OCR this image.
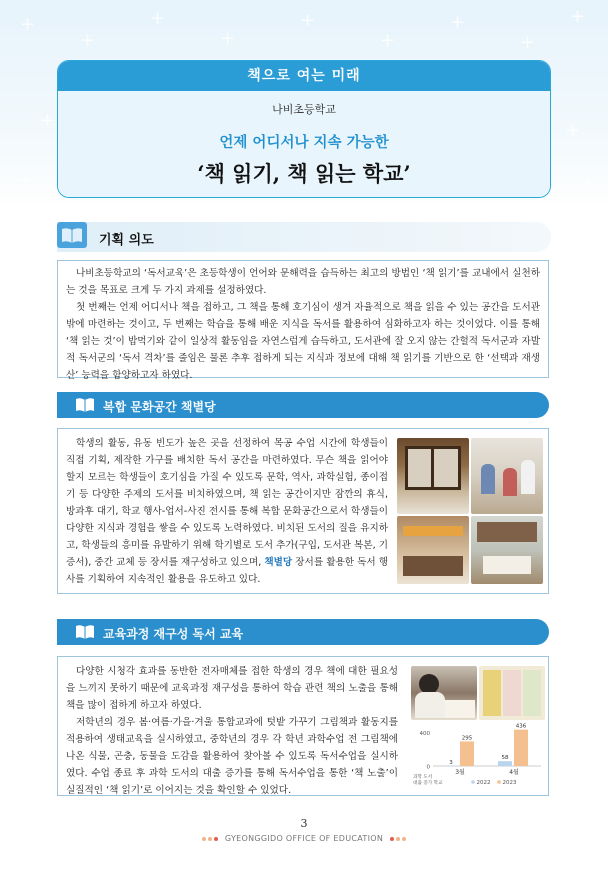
+
+
+
+
+
+
+
+
+
+	+
+	+
책으로 여는 미래
나비초등학교
언제 어디서나 지속 가능한
‘책 읽기, 책 읽는 학교’
기획 의도

나비초등학교의 ‘독서교육’은 초등학생이 언어와 문해력을 습득하는 최고의 방법인 ‘책 읽기’를 교내에서 실천하는 것을 목표로 크게 두 가지 과제를 설정하였다.

첫 번째는 언제 어디서나 책을 접하고, 그 책을 통해 호기심이 생겨 자율적으로 책을 읽을 수 있는 공간을 도서관 밖에 마련하는 것이고, 두 번째는 학습을 통해 배운 지식을 독서를 활용하여 심화하고자 하는 것이었다. 이를 통해 ‘책 읽는 것’이 밥먹기와 같이 일상적 활동임을 자연스럽게 습득하고, 도서관에 잘 오지 않는 간헐적 독서군과 자발적 독서군의 ‘독서 격차’를 줄임은 물론 추후 접하게 되는 지식과 정보에 대해 책 읽기를 기반으로 한 ‘선택과 재생산’ 능력을 함양하고자 하였다.

복합 문화공간 책별당

학생의 활동, 유동 빈도가 높은 곳을 선정하여 목공 수업 시간에 학생들이 직접 기획, 제작한 가구를 배치한 독서 공간을 마련하였다. 무슨 책을 읽어야 할지 모르는 학생들이 호기심을 가질 수 있도록 문학, 역사, 과학실험, 종이접기 등 다양한 주제의 도서를 비치하였으며, 책 읽는 공간이지만 잠깐의 휴식, 방과후 대기, 학교 행사-업서-사진 전시를 통해 복합 문화공간으로서 학생들이 다양한 지식과 경험을 쌓을 수 있도록 노력하였다. 비치된 도서의 질을 유지하고, 학생들의 흥미를 유발하기 위해 학기별로 도서 추가(구입, 도서관 복본, 기증서), 중간 교체 등 장서를 재구성하고 있으며, 책별당 장서를 활용한 독서 행사를 기획하여 지속적인 활용을 유도하고 있다.

교육과정 재구성 독서 교육

다양한 시청각 효과를 동반한 전자매체를 접한 학생의 경우 책에 대한 필요성을 느끼지 못하기 때문에 교육과정 재구성을 통하여 학습 관련 책의 노출을 통해 책을 많이 접하게 하고자 하였다.

저학년의 경우 봄·여름·가을·겨울 통합교과에 텃밭 가꾸기 그림책과 활동지를 적용하여 생태교육을 실시하였고, 중학년의 경우 각 학년 과학수업 전 그림책에 나온 식물, 곤충, 동물을 도감을 활용하여 찾아볼 수 있도록 독서수업을 실시하였다. 수업 종료 후 과학 도서의 대출 증가를 통해 독서수업을 통한 ‘책 노출’이 실질적인 ‘책 읽기’로 이어지는 것을 확인할 수 있었다.

0
400
3
295
3월
58
436
4월
과학 도서
대출 증가 학교	2022 2023
3
GYEONGGIDO OFFICE OF EDUCATION
